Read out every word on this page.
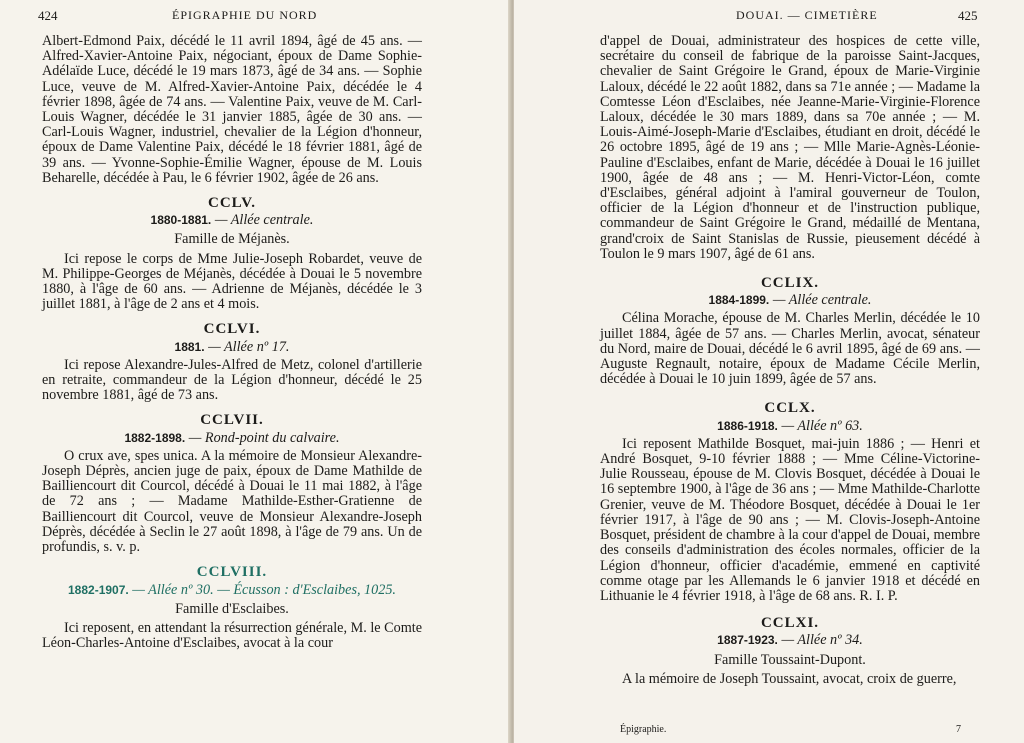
424	ÉPIGRAPHIE DU NORD

Albert-Edmond Paix, décédé le 11 avril 1894, âgé de 45 ans. — Alfred-Xavier-Antoine Paix, négociant, époux de Dame Sophie-Adélaïde Luce, décédé le 19 mars 1873, âgé de 34 ans. — Sophie Luce, veuve de M. Alfred-Xavier-Antoine Paix, décédée le 4 février 1898, âgée de 74 ans. — Valentine Paix, veuve de M. Carl-Louis Wagner, décédée le 31 janvier 1885, âgée de 30 ans. — Carl-Louis Wagner, industriel, chevalier de la Légion d'honneur, époux de Dame Valentine Paix, décédé le 18 février 1881, âgé de 39 ans. — Yvonne-Sophie-Émilie Wagner, épouse de M. Louis Beharelle, décédée à Pau, le 6 février 1902, âgée de 26 ans.

CCLV.
1880-1881. — Allée centrale.
Famille de Méjanès.

Ici repose le corps de Mme Julie-Joseph Robardet, veuve de M. Philippe-Georges de Méjanès, décédée à Douai le 5 novembre 1880, à l'âge de 60 ans. — Adrienne de Méjanès, décédée le 3 juillet 1881, à l'âge de 2 ans et 4 mois.

CCLVI.
1881. — Allée nº 17.

Ici repose Alexandre-Jules-Alfred de Metz, colonel d'artillerie en retraite, commandeur de la Légion d'honneur, décédé le 25 novembre 1881, âgé de 73 ans.

CCLVII.
1882-1898. — Rond-point du calvaire.

O crux ave, spes unica. A la mémoire de Monsieur Alexandre-Joseph Déprès, ancien juge de paix, époux de Dame Mathilde de Bailliencourt dit Courcol, décédé à Douai le 11 mai 1882, à l'âge de 72 ans ; — Madame Mathilde-Esther-Gratienne de Bailliencourt dit Courcol, veuve de Monsieur Alexandre-Joseph Déprès, décédée à Seclin le 27 août 1898, à l'âge de 79 ans. Un de profundis, s. v. p.

CCLVIII.
1882-1907. — Allée nº 30. — Écusson : d'Esclaibes, 1025.
Famille d'Esclaibes.

Ici reposent, en attendant la résurrection générale, M. le Comte Léon-Charles-Antoine d'Esclaibes, avocat à la cour

DOUAI. — CIMETIÈRE	425

d'appel de Douai, administrateur des hospices de cette ville, secrétaire du conseil de fabrique de la paroisse Saint-Jacques, chevalier de Saint Grégoire le Grand, époux de Marie-Virginie Laloux, décédé le 22 août 1882, dans sa 71e année ; — Madame la Comtesse Léon d'Esclaibes, née Jeanne-Marie-Virginie-Florence Laloux, décédée le 30 mars 1889, dans sa 70e année ; — M. Louis-Aimé-Joseph-Marie d'Esclaibes, étudiant en droit, décédé le 26 octobre 1895, âgé de 19 ans ; — Mlle Marie-Agnès-Léonie-Pauline d'Esclaibes, enfant de Marie, décédée à Douai le 16 juillet 1900, âgée de 48 ans ; — M. Henri-Victor-Léon, comte d'Esclaibes, général adjoint à l'amiral gouverneur de Toulon, officier de la Légion d'honneur et de l'instruction publique, commandeur de Saint Grégoire le Grand, médaillé de Mentana, grand'croix de Saint Stanislas de Russie, pieusement décédé à Toulon le 9 mars 1907, âgé de 61 ans.

CCLIX.
1884-1899. — Allée centrale.

Célina Morache, épouse de M. Charles Merlin, décédée le 10 juillet 1884, âgée de 57 ans. — Charles Merlin, avocat, sénateur du Nord, maire de Douai, décédé le 6 avril 1895, âgé de 69 ans. — Auguste Regnault, notaire, époux de Madame Cécile Merlin, décédée à Douai le 10 juin 1899, âgée de 57 ans.

CCLX.
1886-1918. — Allée nº 63.

Ici reposent Mathilde Bosquet, mai-juin 1886 ; — Henri et André Bosquet, 9-10 février 1888 ; — Mme Céline-Victorine-Julie Rousseau, épouse de M. Clovis Bosquet, décédée à Douai le 16 septembre 1900, à l'âge de 36 ans ; — Mme Mathilde-Charlotte Grenier, veuve de M. Théodore Bosquet, décédée à Douai le 1er février 1917, à l'âge de 90 ans ; — M. Clovis-Joseph-Antoine Bosquet, président de chambre à la cour d'appel de Douai, membre des conseils d'administration des écoles normales, officier de la Légion d'honneur, officier d'académie, emmené en captivité comme otage par les Allemands le 6 janvier 1918 et décédé en Lithuanie le 4 février 1918, à l'âge de 68 ans. R. I. P.

CCLXI.
1887-1923. — Allée nº 34.
Famille Toussaint-Dupont.

A la mémoire de Joseph Toussaint, avocat, croix de guerre,

Épigraphie.	7
